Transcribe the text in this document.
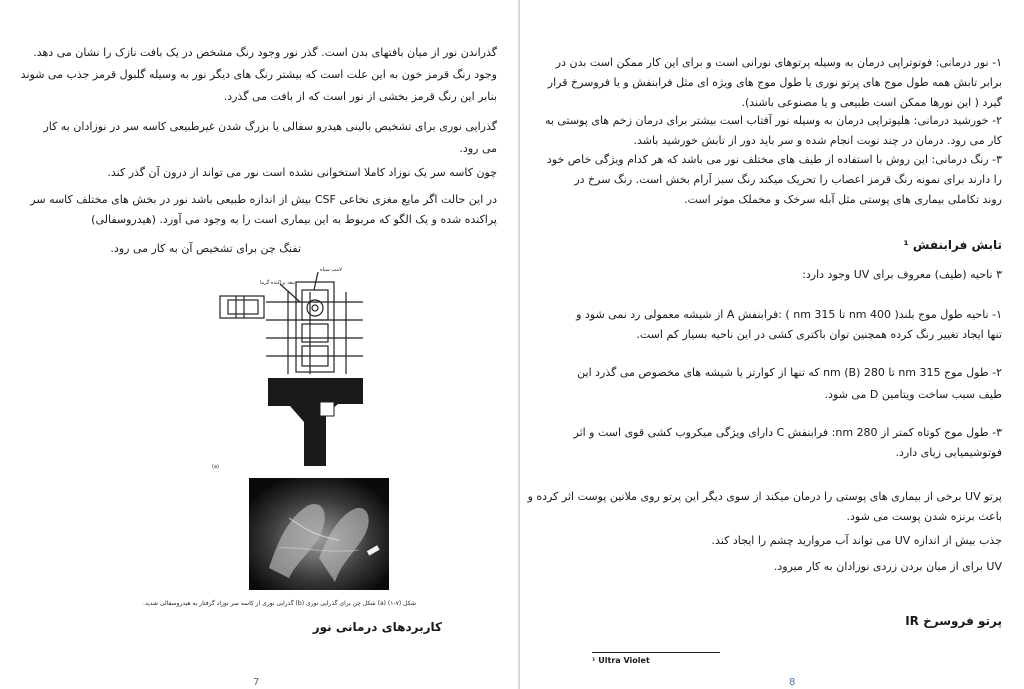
گذراندن نور از میان بافتهای بدن است. گذر نور وجود رنگ مشخص در یک بافت نازک را نشان می دهد.
وجود رنگ قرمز خون به این علت است که بیشتر رنگ های دیگر نور به وسیله گلبول قرمز جذب می شوند
بنابر این رنگ قرمز بخشی از نور است که از بافت می گذرد.
گذرایی نوری برای تشخیص بالینی هیدرو سفالی یا بزرگ شدن غیرطبیعی کاسه سر در نوزادان به کار
می رود.
چون کاسه سر یک نوزاد کاملا استخوانی نشده است نور می تواند از درون آن گذر کند.
در این حالت اگر مایع مغزی نخاعی CSF بیش از اندازه طبیعی باشد نور در بخش های مختلف کاسه سر
پراکنده شده و یک الگو که مربوط به این بیماری است را به وجود می آورد. (هیدروسفالی)
تفنگ چن برای تشخیص آن به کار می رود.
لامپ سیاه
تیغه پراکنده گرما
(a)
شکل (۷-۱) (a) شکل چن برای گذرایی نوری (b) گذرایی نوری از کاسه سر نوزاد گرفتار به هیدروسفالی شدید.
کاربردهای درمانی نور
7
۱- نور درمانی: فوتوتراپی درمان به وسیله پرتوهای نورانی است و برای این کار ممکن است بدن در
برابر تابش همه طول موج های پرتو نوری یا طول موج های ویژه ای مثل فرابنفش و یا فروسرخ قرار
گیرد ( این نورها ممکن است طبیعی و یا مصنوعی باشند).
۲- خورشید درمانی: هلیوتراپی درمان به وسیله نور آفتاب است بیشتر برای درمان زخم های پوستی به
کار می رود. درمان در چند نوبت انجام شده و سر باید دور از تابش خورشید باشد.
۳- رنگ درمانی: این روش با استفاده از طیف های مختلف نور می باشد که هر کدام ویژگی خاص خود
را دارند برای نمونه رنگ قرمز اعصاب را تحریک میکند رنگ سبز آرام بخش است. رنگ سرخ در
روند تکاملی بیماری های پوستی مثل آبله سرخک و مخملک موثر است.
تابش فرابنفش ¹
۳ ناحیه (طیف) معروف برای UV وجود دارد:
۱- ناحیه طول موج بلند( 400 nm تا 315 nm ) :فرابنفش A از شیشه معمولی رد نمی شود و
تنها ایجاد تغییر رنگ کرده همچنین توان باکتری کشی در این ناحیه بسیار کم است.
۲- طول موج 315 nm تا 280 nm (B) که تنها از کوارتز یا شیشه های مخصوص می گذرد این
طیف سبب ساخت ویتامین D می شود.
۳- طول موج کوتاه کمتر از 280 nm: فرابنفش C دارای ویژگی میکروب کشی قوی است و اثر
فوتوشیمیایی زیای دارد.
پرتو UV برخی از بیماری های پوستی را درمان میکند از سوی دیگر این پرتو روی ملانین پوست اثر کرده و
باعث برنزه شدن پوست می شود.
جذب بیش از اندازه UV می تواند آب مروارید چشم را ایجاد کند.
UV برای از میان بردن زردی نوزادان به کار میرود.
پرتو فروسرخ IR
¹ Ultra Violet
8
